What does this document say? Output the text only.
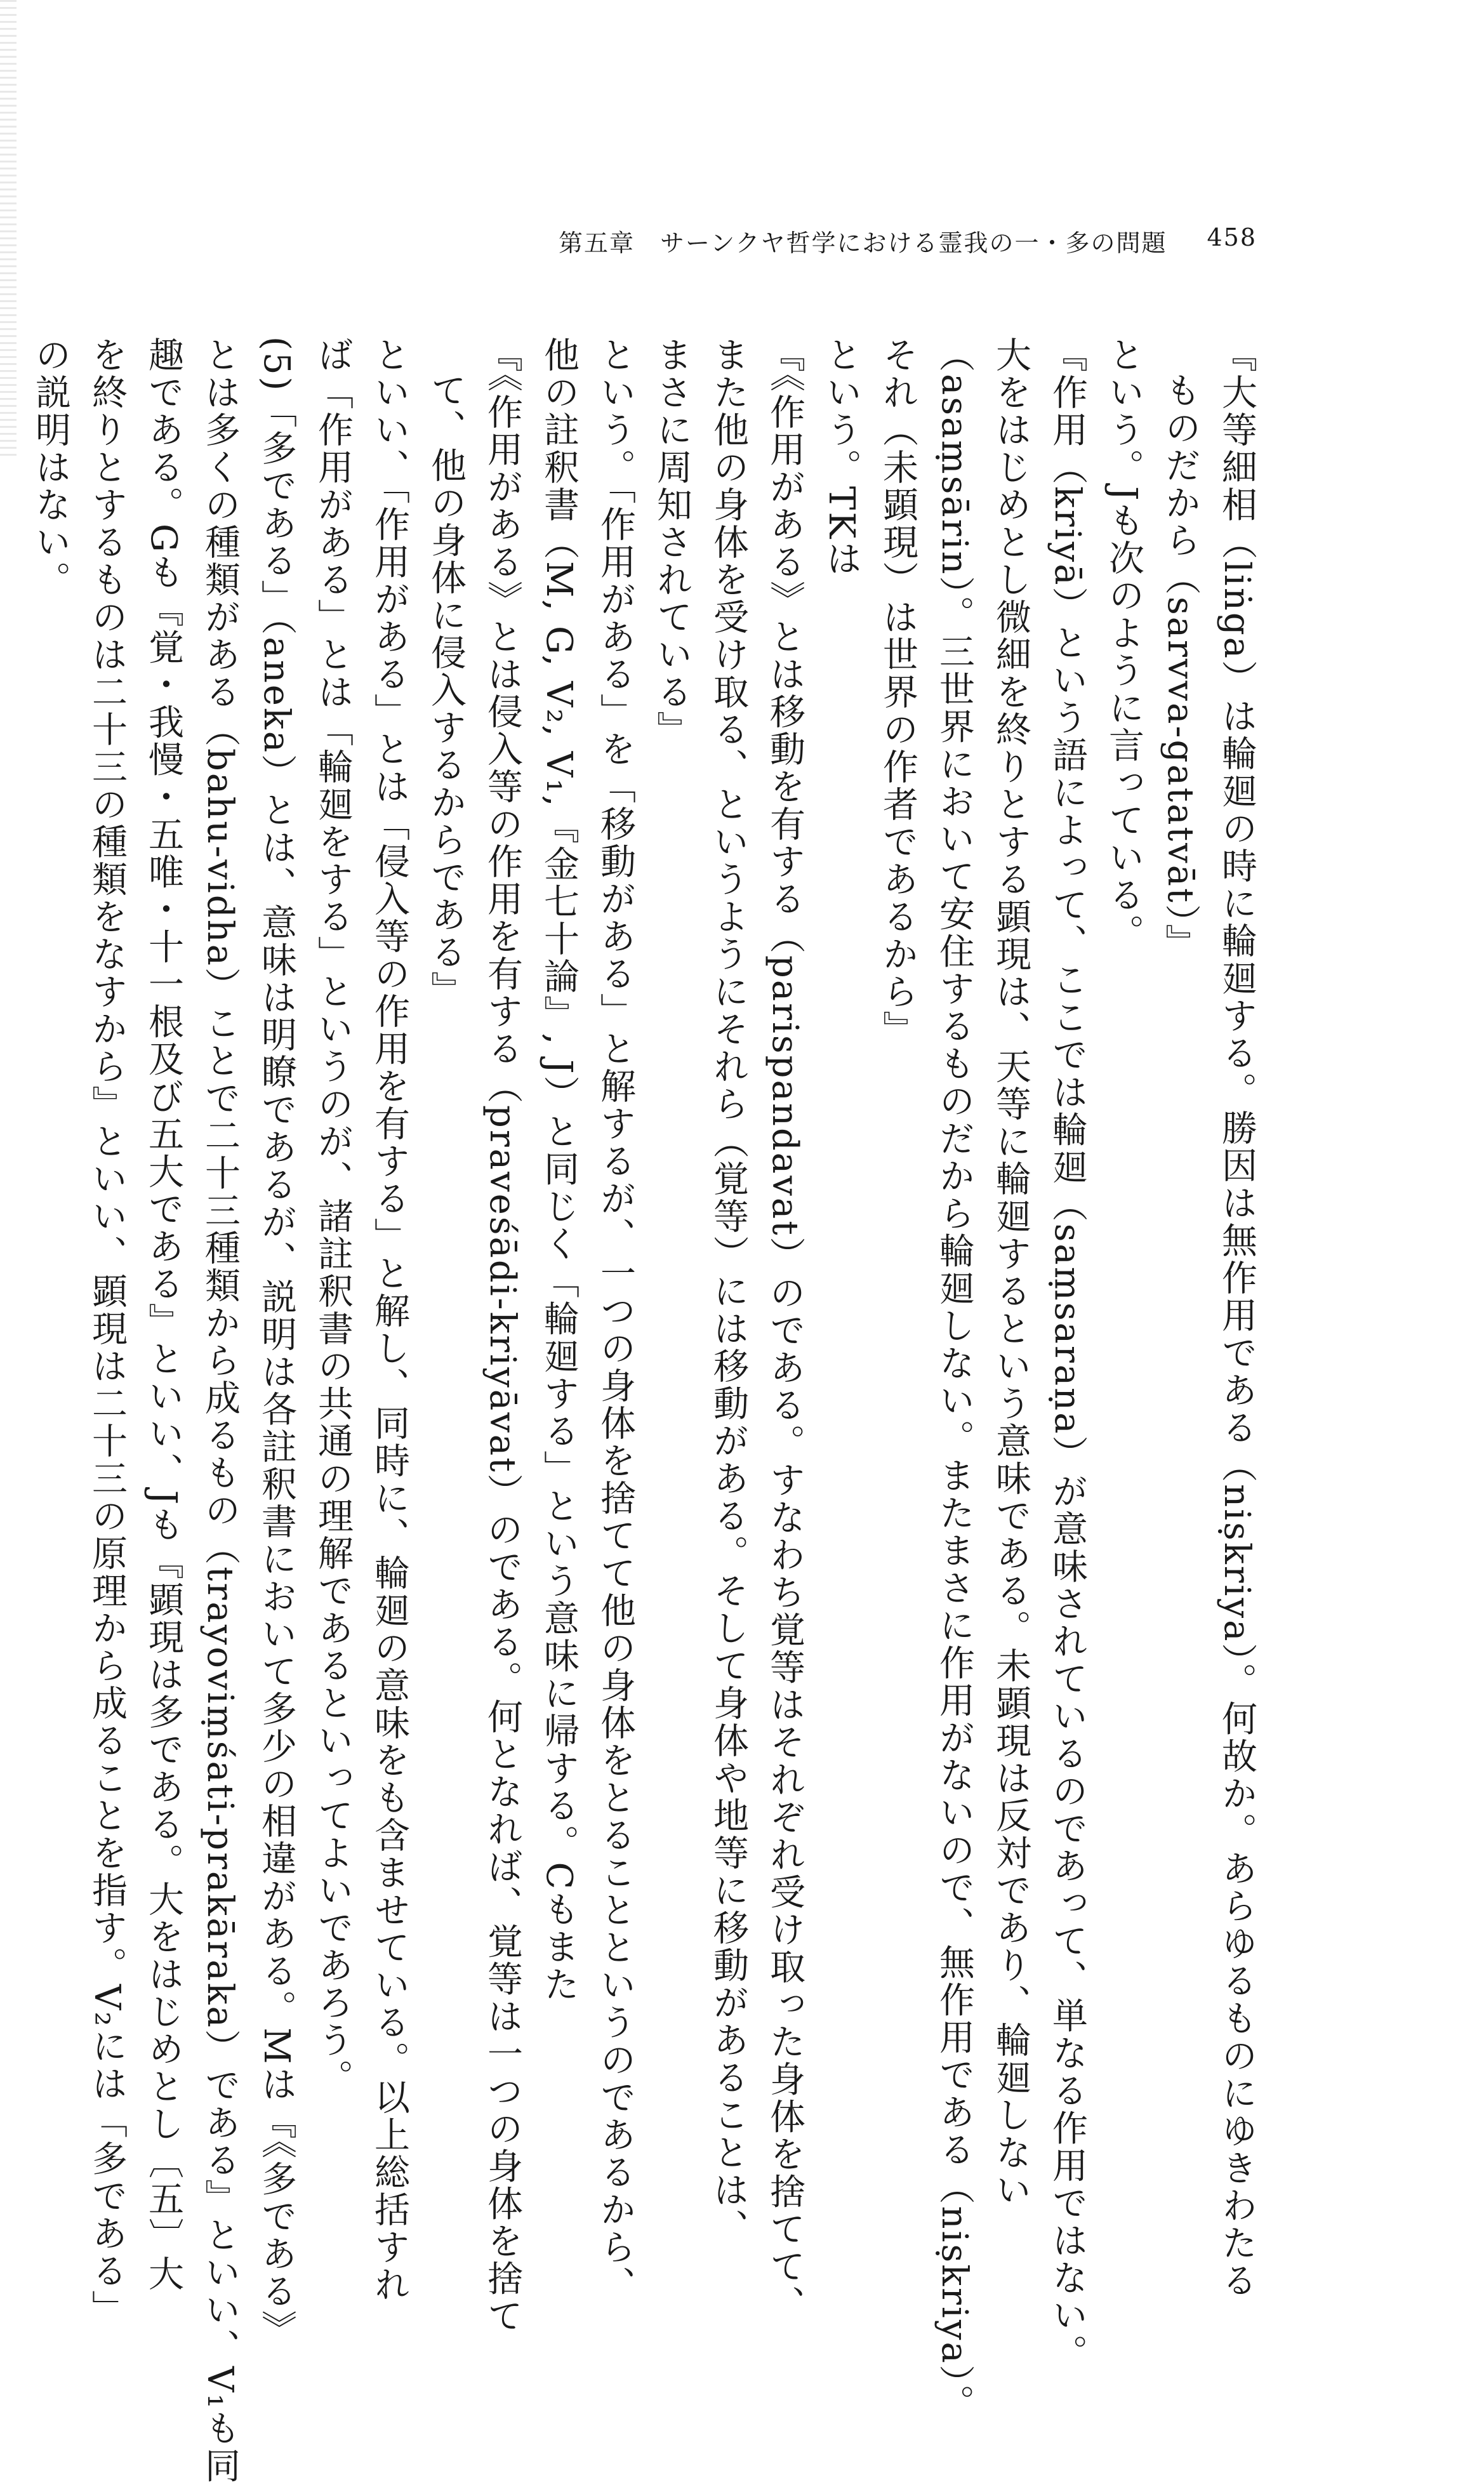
第五章　サーンクヤ哲学における霊我の一・多の問題 458
『大等細相（liṅga）は輪廻の時に輪廻する。勝因は無作用である（niṣkriya）。何故か。あらゆるものにゆきわたる
ものだから（sarvva-gatatvāt）』
という。Jも次のように言っている。
『作用（kriyā）という語によって、ここでは輪廻（saṃsaraṇa）が意味されているのであって、単なる作用ではない。
大をはじめとし微細を終りとする顕現は、天等に輪廻するという意味である。未顕現は反対であり、輪廻しない
（asaṃsārin）。三世界において安住するものだから輪廻しない。またまさに作用がないので、無作用である（niṣkriya）。
それ（未顕現）は世界の作者であるから』
という。TKは
『《作用がある》とは移動を有する（parispandavat）のである。すなわち覚等はそれぞれ受け取った身体を捨てて、
また他の身体を受け取る、というようにそれら（覚等）には移動がある。そして身体や地等に移動があることは、
まさに周知されている』
という。「作用がある」を「移動がある」と解するが、一つの身体を捨てて他の身体をとることというのであるから、
他の註釈書（M, G, V₂, V₁,『金七十論』, J）と同じく「輪廻する」という意味に帰する。Cもまた
『《作用がある》とは侵入等の作用を有する（praveśādi-kriyāvat）のである。何となれば、覚等は一つの身体を捨て
て、他の身体に侵入するからである』
といい、「作用がある」とは「侵入等の作用を有する」と解し、同時に、輪廻の意味をも含ませている。以上総括すれ
ば「作用がある」とは「輪廻をする」というのが、諸註釈書の共通の理解であるといってよいであろう。
(5)「多である」（aneka）とは、意味は明瞭であるが、説明は各註釈書において多少の相違がある。Mは『《多である》
とは多くの種類がある（bahu-vidha）ことで二十三種類から成るもの（trayoviṃśati-prakāraka）である』といい、V₁も同
趣である。Gも『覚・我慢・五唯・十一根及び五大である』といい、Jも『顕現は多である。大をはじめとし〔五〕大
を終りとするものは二十三の種類をなすから』といい、顕現は二十三の原理から成ることを指す。V₂には「多である」
の説明はない。
